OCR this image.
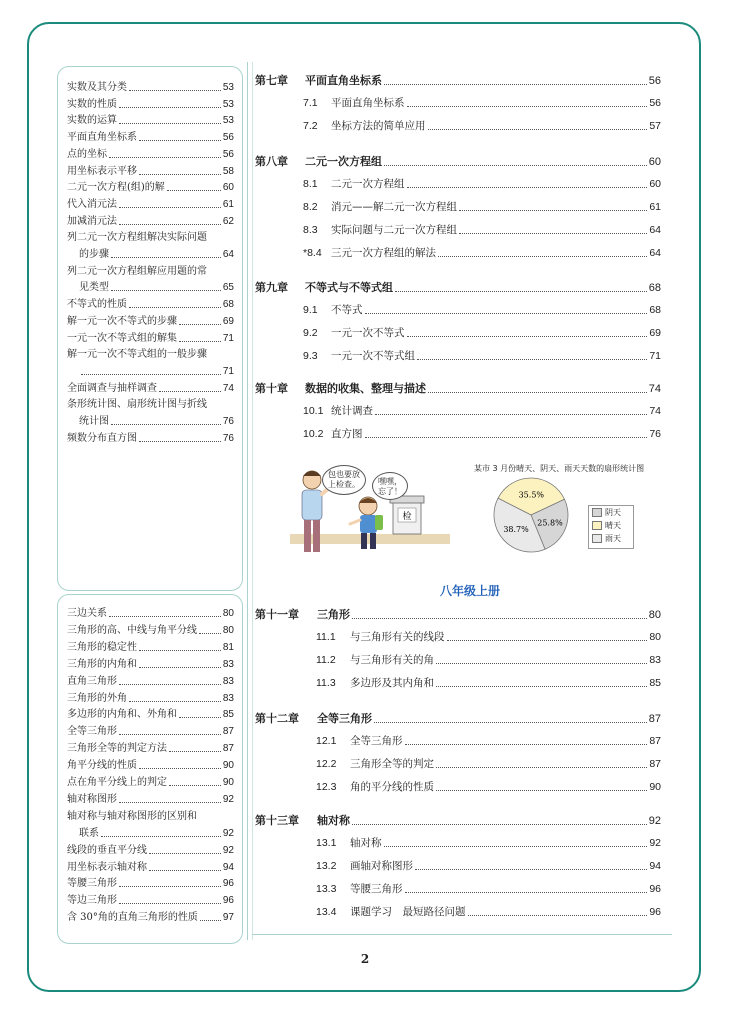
实数及其分类	53
实数的性质	53
实数的运算	53
平面直角坐标系	56
点的坐标	56
用坐标表示平移	58
二元一次方程(组)的解	60
代入消元法	61
加减消元法	62
列二元一次方程组解决实际问题
的步骤	64
列二元一次方程组解应用题的常
见类型	65
不等式的性质	68
解一元一次不等式的步骤	69
一元一次不等式组的解集	71
解一元一次不等式组的一般步骤
71
全面调查与抽样调查	74
条形统计图、扇形统计图与折线
统计图	76
频数分布直方图	76
三边关系	80
三角形的高、中线与角平分线	80
三角形的稳定性	81
三角形的内角和	83
直角三角形	83
三角形的外角	83
多边形的内角和、外角和	85
全等三角形	87
三角形全等的判定方法	87
角平分线的性质	90
点在角平分线上的判定	90
轴对称图形	92
轴对称与轴对称图形的区别和
联系	92
线段的垂直平分线	92
用坐标表示轴对称	94
等腰三角形	96
等边三角形	96
含 30°角的直角三角形的性质 97
第七章	平面直角坐标系	56
7.1	平面直角坐标系	56
7.2	坐标方法的简单应用	57
第八章	二元一次方程组	60
8.1	二元一次方程组	60
8.2	消元——解二元一次方程组	61
8.3	实际问题与二元一次方程组	64
*8.4 三元一次方程组的解法	64
第九章	不等式与不等式组	68
9.1	不等式	68
9.2	一元一次不等式	69
9.3	一元一次不等式组	71
第十章	数据的收集、整理与描述	74
10.1 统计调查	74
10.2 直方图	76
检
包也要放上检查。 嘿嘿，忘了！
某市 3 月份晴天、阴天、雨天天数的扇形统计图
25.8%
35.5%
38.7%
阴天
晴天
雨天
八年级上册
第十一章	三角形	80
11.1	与三角形有关的线段	80
11.2	与三角形有关的角	83
11.3	多边形及其内角和	85
第十二章	全等三角形	87
12.1	全等三角形	87
12.2	三角形全等的判定	87
12.3	角的平分线的性质	90
第十三章	轴对称	92
13.1	轴对称	92
13.2	画轴对称图形	94
13.3	等腰三角形	96
13.4	课题学习　最短路径问题	96
2
